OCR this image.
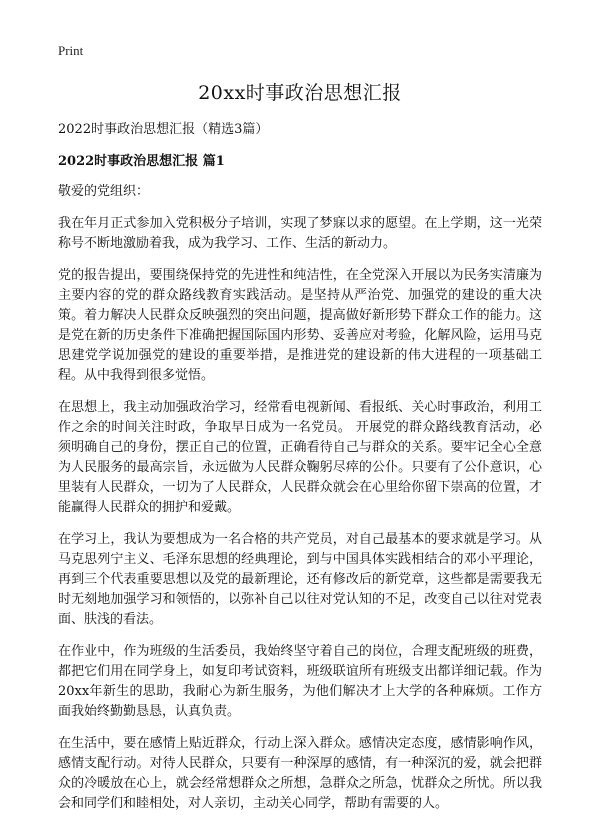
Print
20xx时事政治思想汇报

2022时事政治思想汇报（精选3篇）

2022时事政治思想汇报 篇1

敬爱的党组织：

我在年月正式参加入党积极分子培训，实现了梦寐以求的愿望。在上学期，这一光荣称号不断地激励着我，成为我学习、工作、生活的新动力。

党的报告提出，要围绕保持党的先进性和纯洁性，在全党深入开展以为民务实清廉为主要内容的党的群众路线教育实践活动。是坚持从严治党、加强党的建设的重大决策。着力解决人民群众反映强烈的突出问题，提高做好新形势下群众工作的能力。这是党在新的历史条件下准确把握国际国内形势、妥善应对考验，化解风险，运用马克思建党学说加强党的建设的重要举措，是推进党的建设新的伟大进程的一项基础工程。从中我得到很多觉悟。

在思想上，我主动加强政治学习，经常看电视新闻、看报纸、关心时事政治，利用工作之余的时间关注时政，争取早日成为一名党员。 开展党的群众路线教育活动，必须明确自己的身份，摆正自己的位置，正确看待自己与群众的关系。要牢记全心全意为人民服务的最高宗旨，永远做为人民群众鞠躬尽瘁的公仆。只要有了公仆意识，心里装有人民群众，一切为了人民群众，人民群众就会在心里给你留下崇高的位置，才能赢得人民群众的拥护和爱戴。

在学习上，我认为要想成为一名合格的共产党员，对自己最基本的要求就是学习。从马克思列宁主义、毛泽东思想的经典理论，到与中国具体实践相结合的邓小平理论，再到三个代表重要思想以及党的最新理论，还有修改后的新党章，这些都是需要我无时无刻地加强学习和领悟的，以弥补自己以往对党认知的不足，改变自己以往对党表面、肤浅的看法。

在作业中，作为班级的生活委员，我始终坚守着自己的岗位，合理支配班级的班费，都把它们用在同学身上，如复印考试资料，班级联谊所有班级支出都详细记载。作为20xx年新生的思助，我耐心为新生服务，为他们解决才上大学的各种麻烦。工作方面我始终勤勤恳恳，认真负责。

在生活中，要在感情上贴近群众，行动上深入群众。感情决定态度，感情影响作风，感情支配行动。对待人民群众，只要有一种深厚的感情，有一种深沉的爱，就会把群众的冷暖放在心上，就会经常想群众之所想，急群众之所急，忧群众之所忧。所以我会和同学们和睦相处，对人亲切，主动关心同学，帮助有需要的人。
